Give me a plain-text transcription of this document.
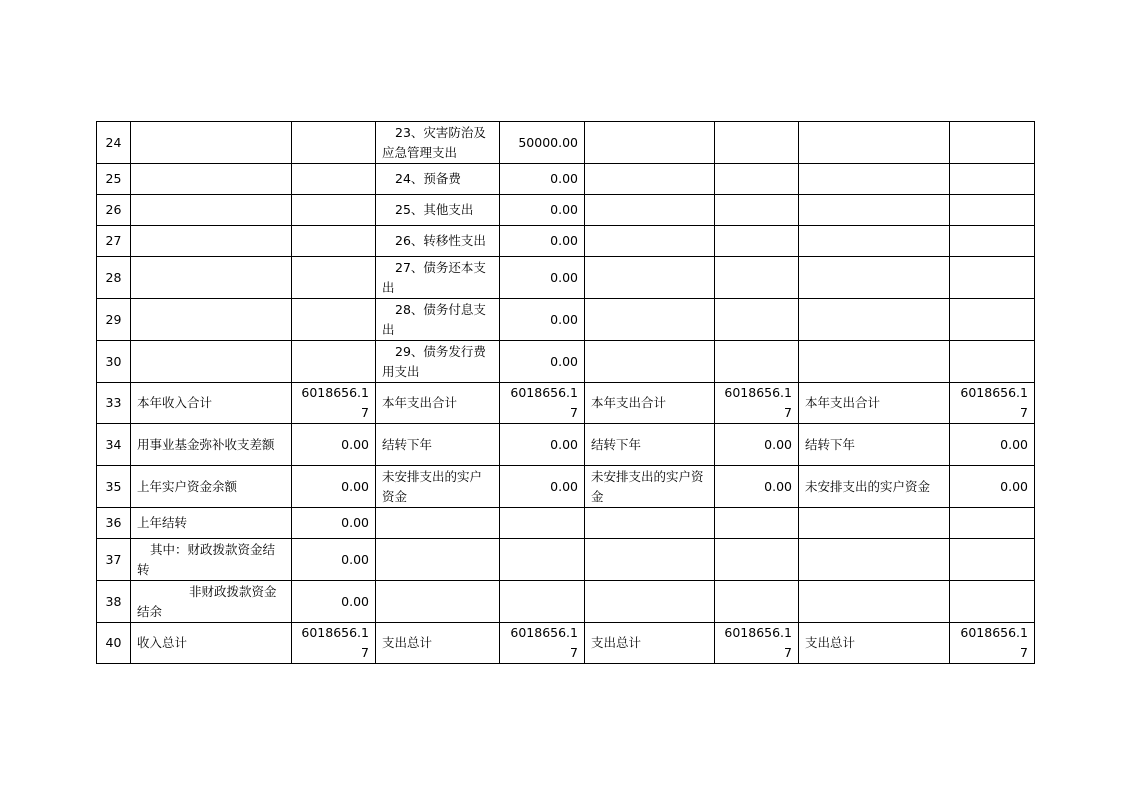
24			23、灾害防治及应急管理支出	50000.00				
25			24、预备费	0.00				
26			25、其他支出	0.00				
27			26、转移性支出	0.00				
28			27、债务还本支出	0.00				
29			28、债务付息支出	0.00				
30			29、债务发行费用支出	0.00				
33	本年收入合计	6018656.17	本年支出合计	6018656.17	本年支出合计	6018656.17	本年支出合计	6018656.17
34	用事业基金弥补收支差额	0.00	结转下年	0.00	结转下年	0.00	结转下年	0.00
35	上年实户资金余额	0.00	未安排支出的实户资金	0.00	未安排支出的实户资金	0.00	未安排支出的实户资金	0.00
36	上年结转	0.00						
37	其中：财政拨款资金结转	0.00						
38	非财政拨款资金结余	0.00						
40	收入总计	6018656.17	支出总计	6018656.17	支出总计	6018656.17	支出总计	6018656.17
